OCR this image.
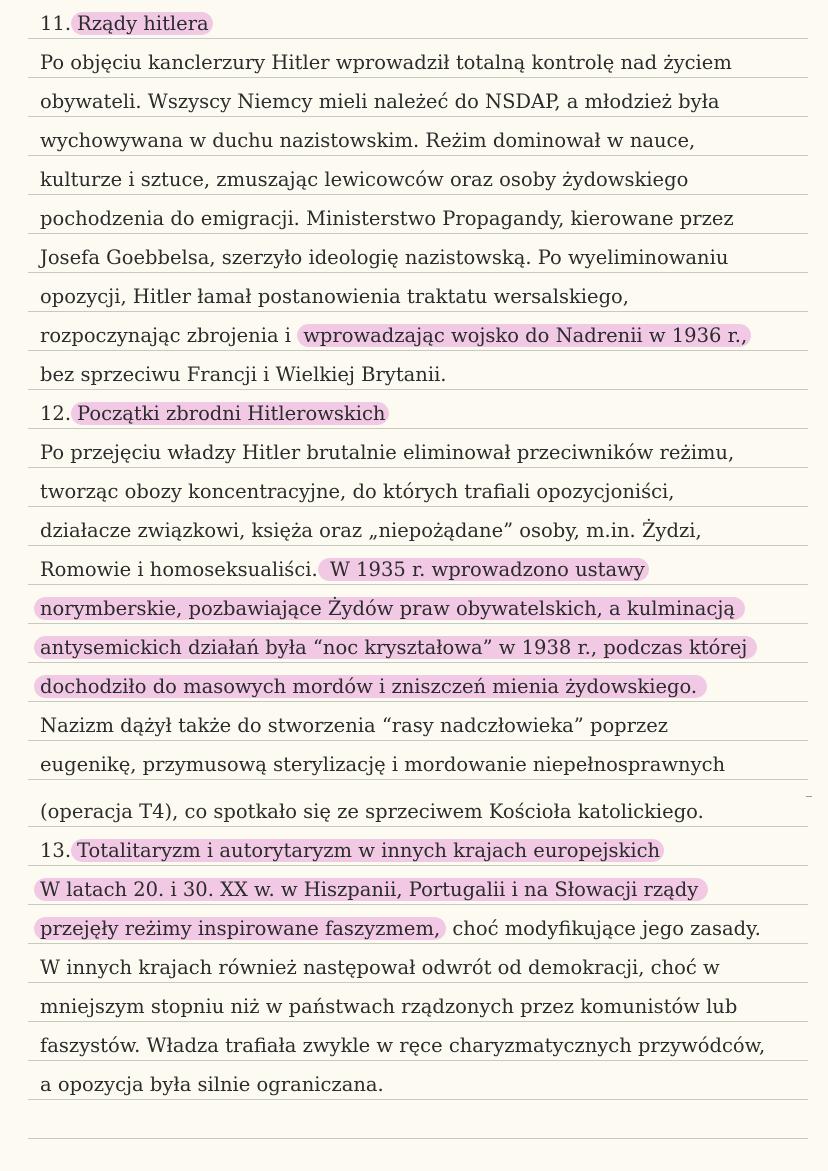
11. Rządy hitlera
Po objęciu kanclerzury Hitler wprowadził totalną kontrolę nad życiem
obywateli. Wszyscy Niemcy mieli należeć do NSDAP, a młodzież była
wychowywana w duchu nazistowskim. Reżim dominował w nauce,
kulturze i sztuce, zmuszając lewicowców oraz osoby żydowskiego
pochodzenia do emigracji. Ministerstwo Propagandy, kierowane przez
Josefa Goebbelsa, szerzyło ideologię nazistowską. Po wyeliminowaniu
opozycji, Hitler łamał postanowienia traktatu wersalskiego,
rozpoczynając zbrojenia i wprowadzając wojsko do Nadrenii w 1936 r.,
bez sprzeciwu Francji i Wielkiej Brytanii.
12. Początki zbrodni Hitlerowskich
Po przejęciu władzy Hitler brutalnie eliminował przeciwników reżimu,
tworząc obozy koncentracyjne, do których trafiali opozycjoniści,
działacze związkowi, księża oraz „niepożądane” osoby, m.in. Żydzi,
Romowie i homoseksualiści. W 1935 r. wprowadzono ustawy
norymberskie, pozbawiające Żydów praw obywatelskich, a kulminacją
antysemickich działań była “noc kryształowa” w 1938 r., podczas której
dochodziło do masowych mordów i zniszczeń mienia żydowskiego.
Nazizm dążył także do stworzenia “rasy nadczłowieka” poprzez
eugenikę, przymusową sterylizację i mordowanie niepełnosprawnych
(operacja T4), co spotkało się ze sprzeciwem Kościoła katolickiego.
13. Totalitaryzm i autorytaryzm w innych krajach europejskich
W latach 20. i 30. XX w. w Hiszpanii, Portugalii i na Słowacji rządy
przejęły reżimy inspirowane faszyzmem, choć modyfikujące jego zasady.
W innych krajach również następował odwrót od demokracji, choć w
mniejszym stopniu niż w państwach rządzonych przez komunistów lub
faszystów. Władza trafiała zwykle w ręce charyzmatycznych przywódców,
a opozycja była silnie ograniczana.
